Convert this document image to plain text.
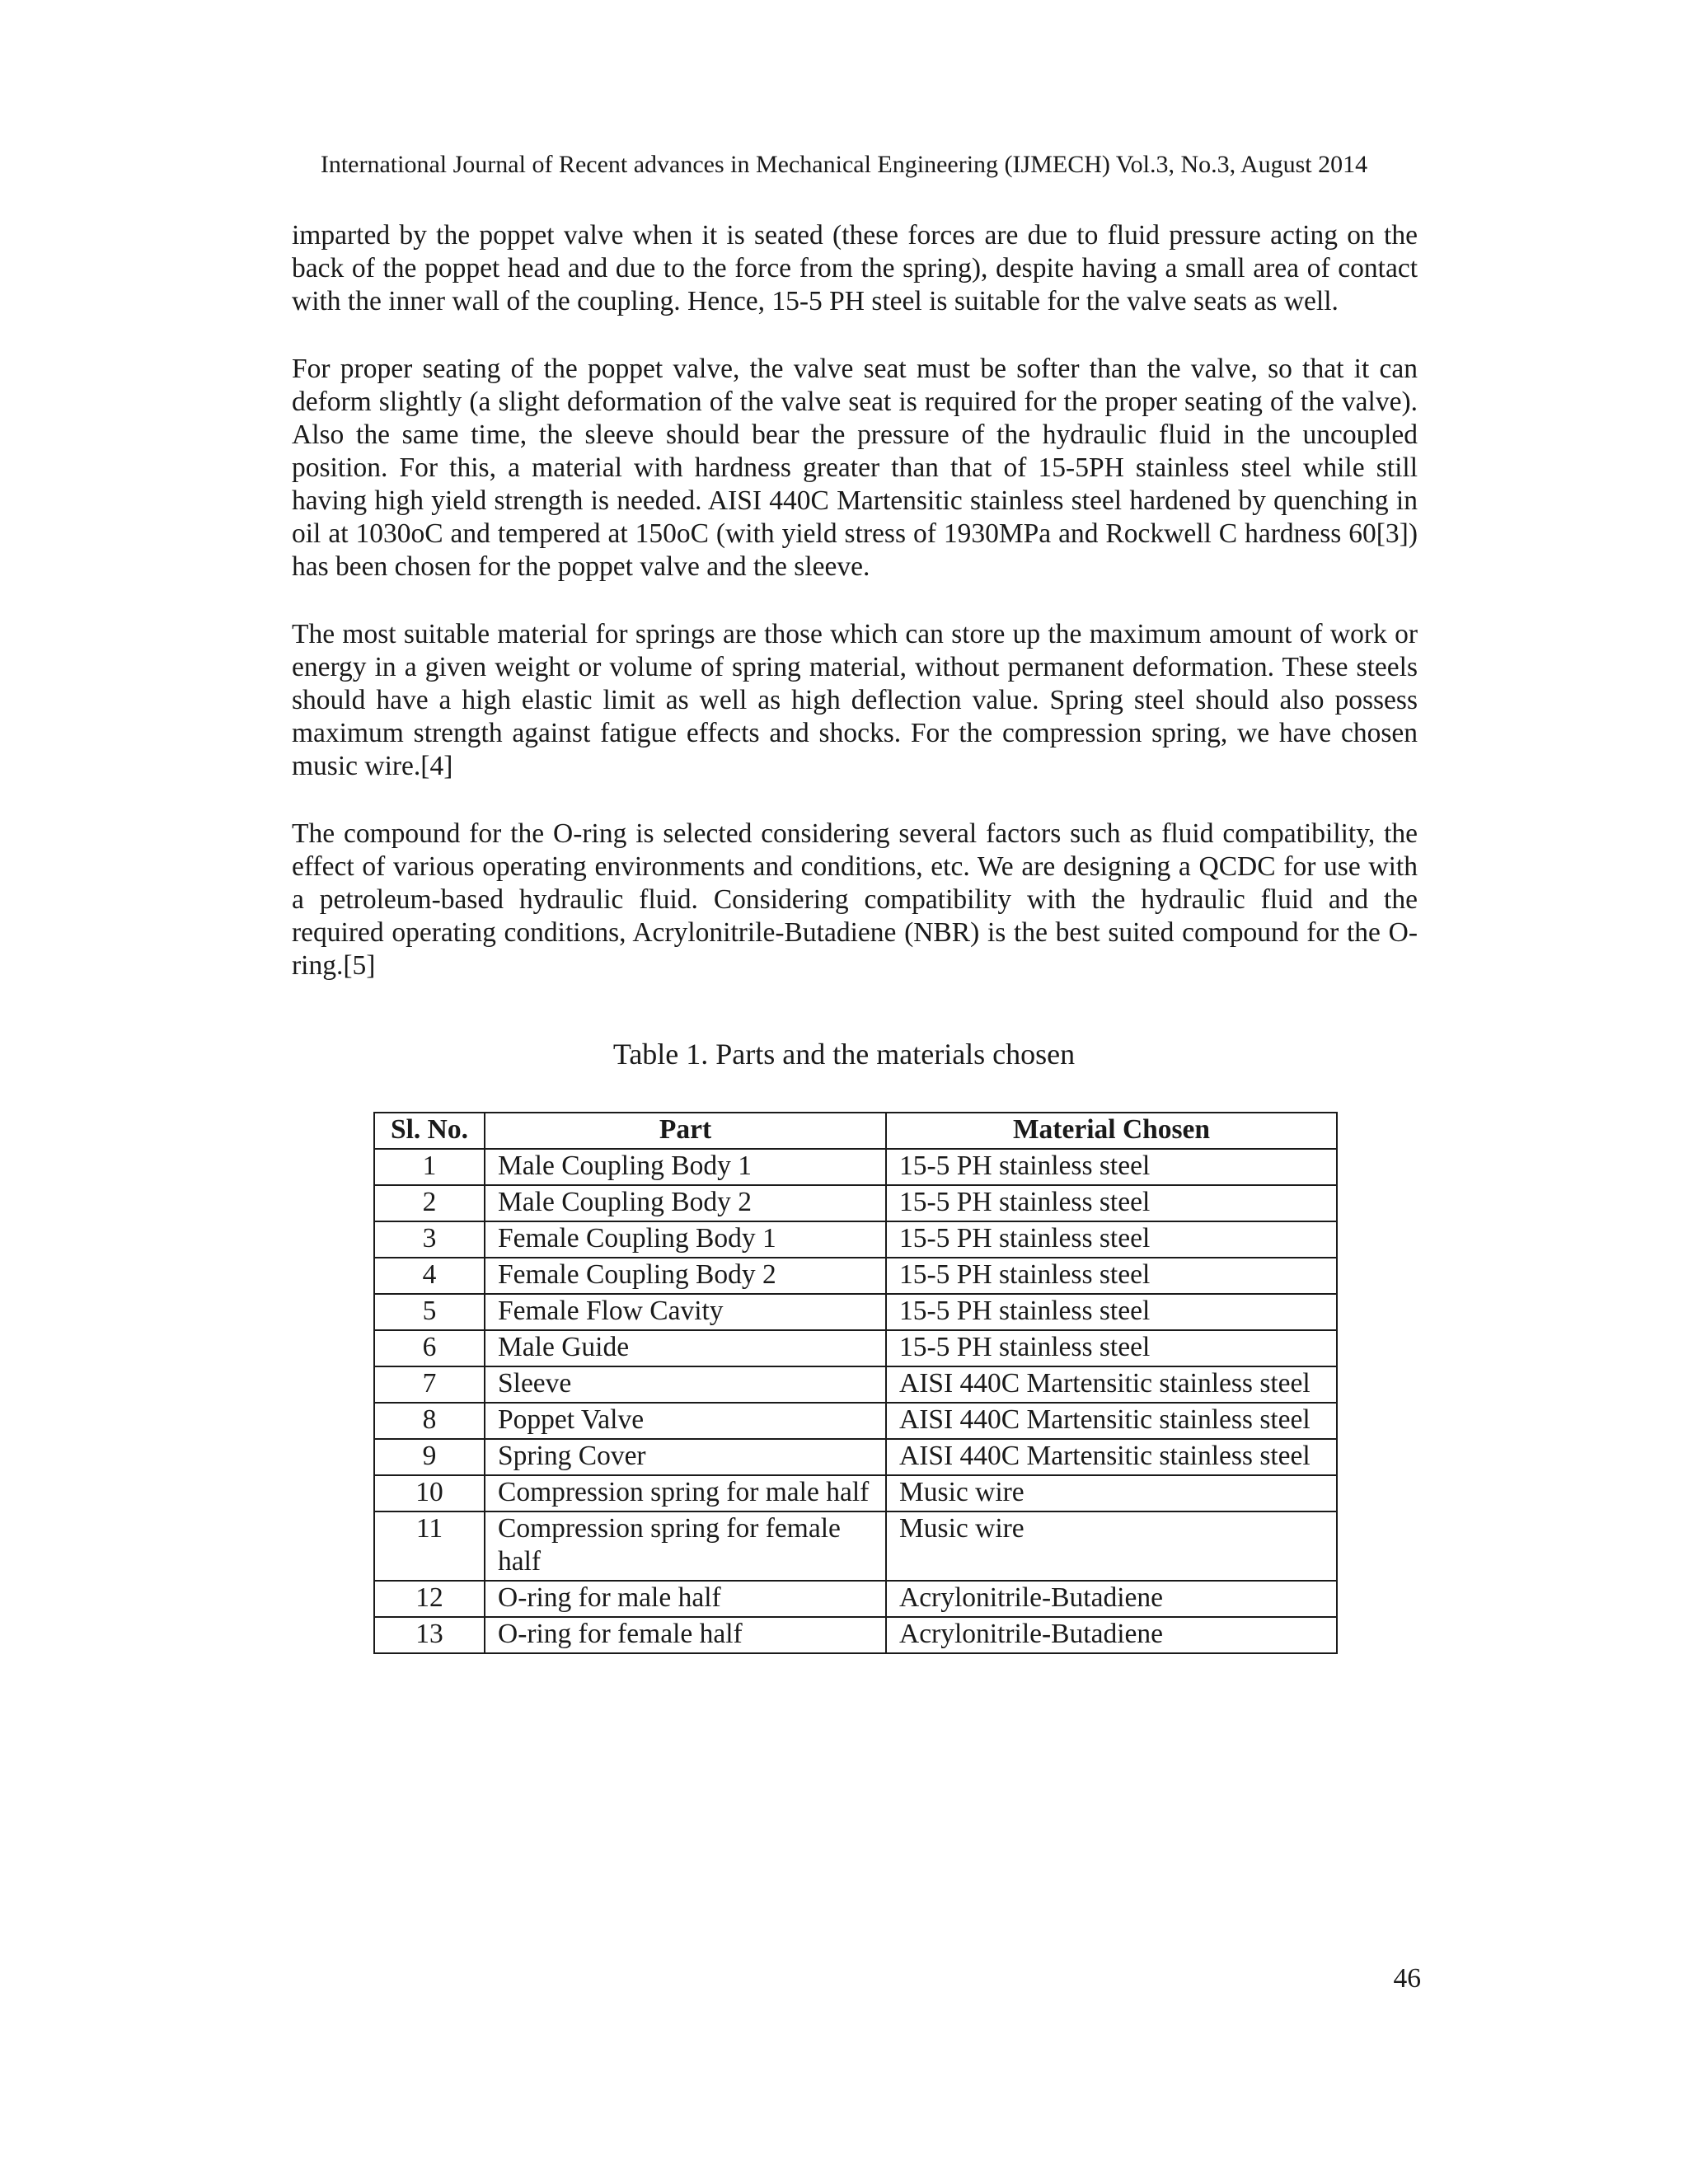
International Journal of Recent advances in Mechanical Engineering (IJMECH) Vol.3, No.3, August 2014

imparted by the poppet valve when it is seated (these forces are due to fluid pressure acting on the back of the poppet head and due to the force from the spring), despite having a small area of contact with the inner wall of the coupling. Hence, 15-5 PH steel is suitable for the valve seats as well.

For proper seating of the poppet valve, the valve seat must be softer than the valve, so that it can deform slightly (a slight deformation of the valve seat is required for the proper seating of the valve). Also the same time, the sleeve should bear the pressure of the hydraulic fluid in the uncoupled position. For this, a material with hardness greater than that of 15-5PH stainless steel while still having high yield strength is needed. AISI 440C Martensitic stainless steel hardened by quenching in oil at 1030oC and tempered at 150oC (with yield stress of 1930MPa and Rockwell C hardness 60[3]) has been chosen for the poppet valve and the sleeve.

The most suitable material for springs are those which can store up the maximum amount of work or energy in a given weight or volume of spring material, without permanent deformation. These steels should have a high elastic limit as well as high deflection value. Spring steel should also possess maximum strength against fatigue effects and shocks. For the compression spring, we have chosen music wire.[4]

The compound for the O-ring is selected considering several factors such as fluid compatibility, the effect of various operating environments and conditions, etc. We are designing a QCDC for use with a petroleum-based hydraulic fluid. Considering compatibility with the hydraulic fluid and the required operating conditions, Acrylonitrile-Butadiene (NBR) is the best suited compound for the O-ring.[5]

Table 1. Parts and the materials chosen
Sl. No.	Part	Material Chosen
1	Male Coupling Body 1	15-5 PH stainless steel
2	Male Coupling Body 2	15-5 PH stainless steel
3	Female Coupling Body 1	15-5 PH stainless steel
4	Female Coupling Body 2	15-5 PH stainless steel
5	Female Flow Cavity	15-5 PH stainless steel
6	Male Guide	15-5 PH stainless steel
7	Sleeve	AISI 440C Martensitic stainless steel
8	Poppet Valve	AISI 440C Martensitic stainless steel
9	Spring Cover	AISI 440C Martensitic stainless steel
10	Compression spring for male half	Music wire
11	Compression spring for female half	Music wire
12	O-ring for male half	Acrylonitrile-Butadiene
13	O-ring for female half	Acrylonitrile-Butadiene
46
